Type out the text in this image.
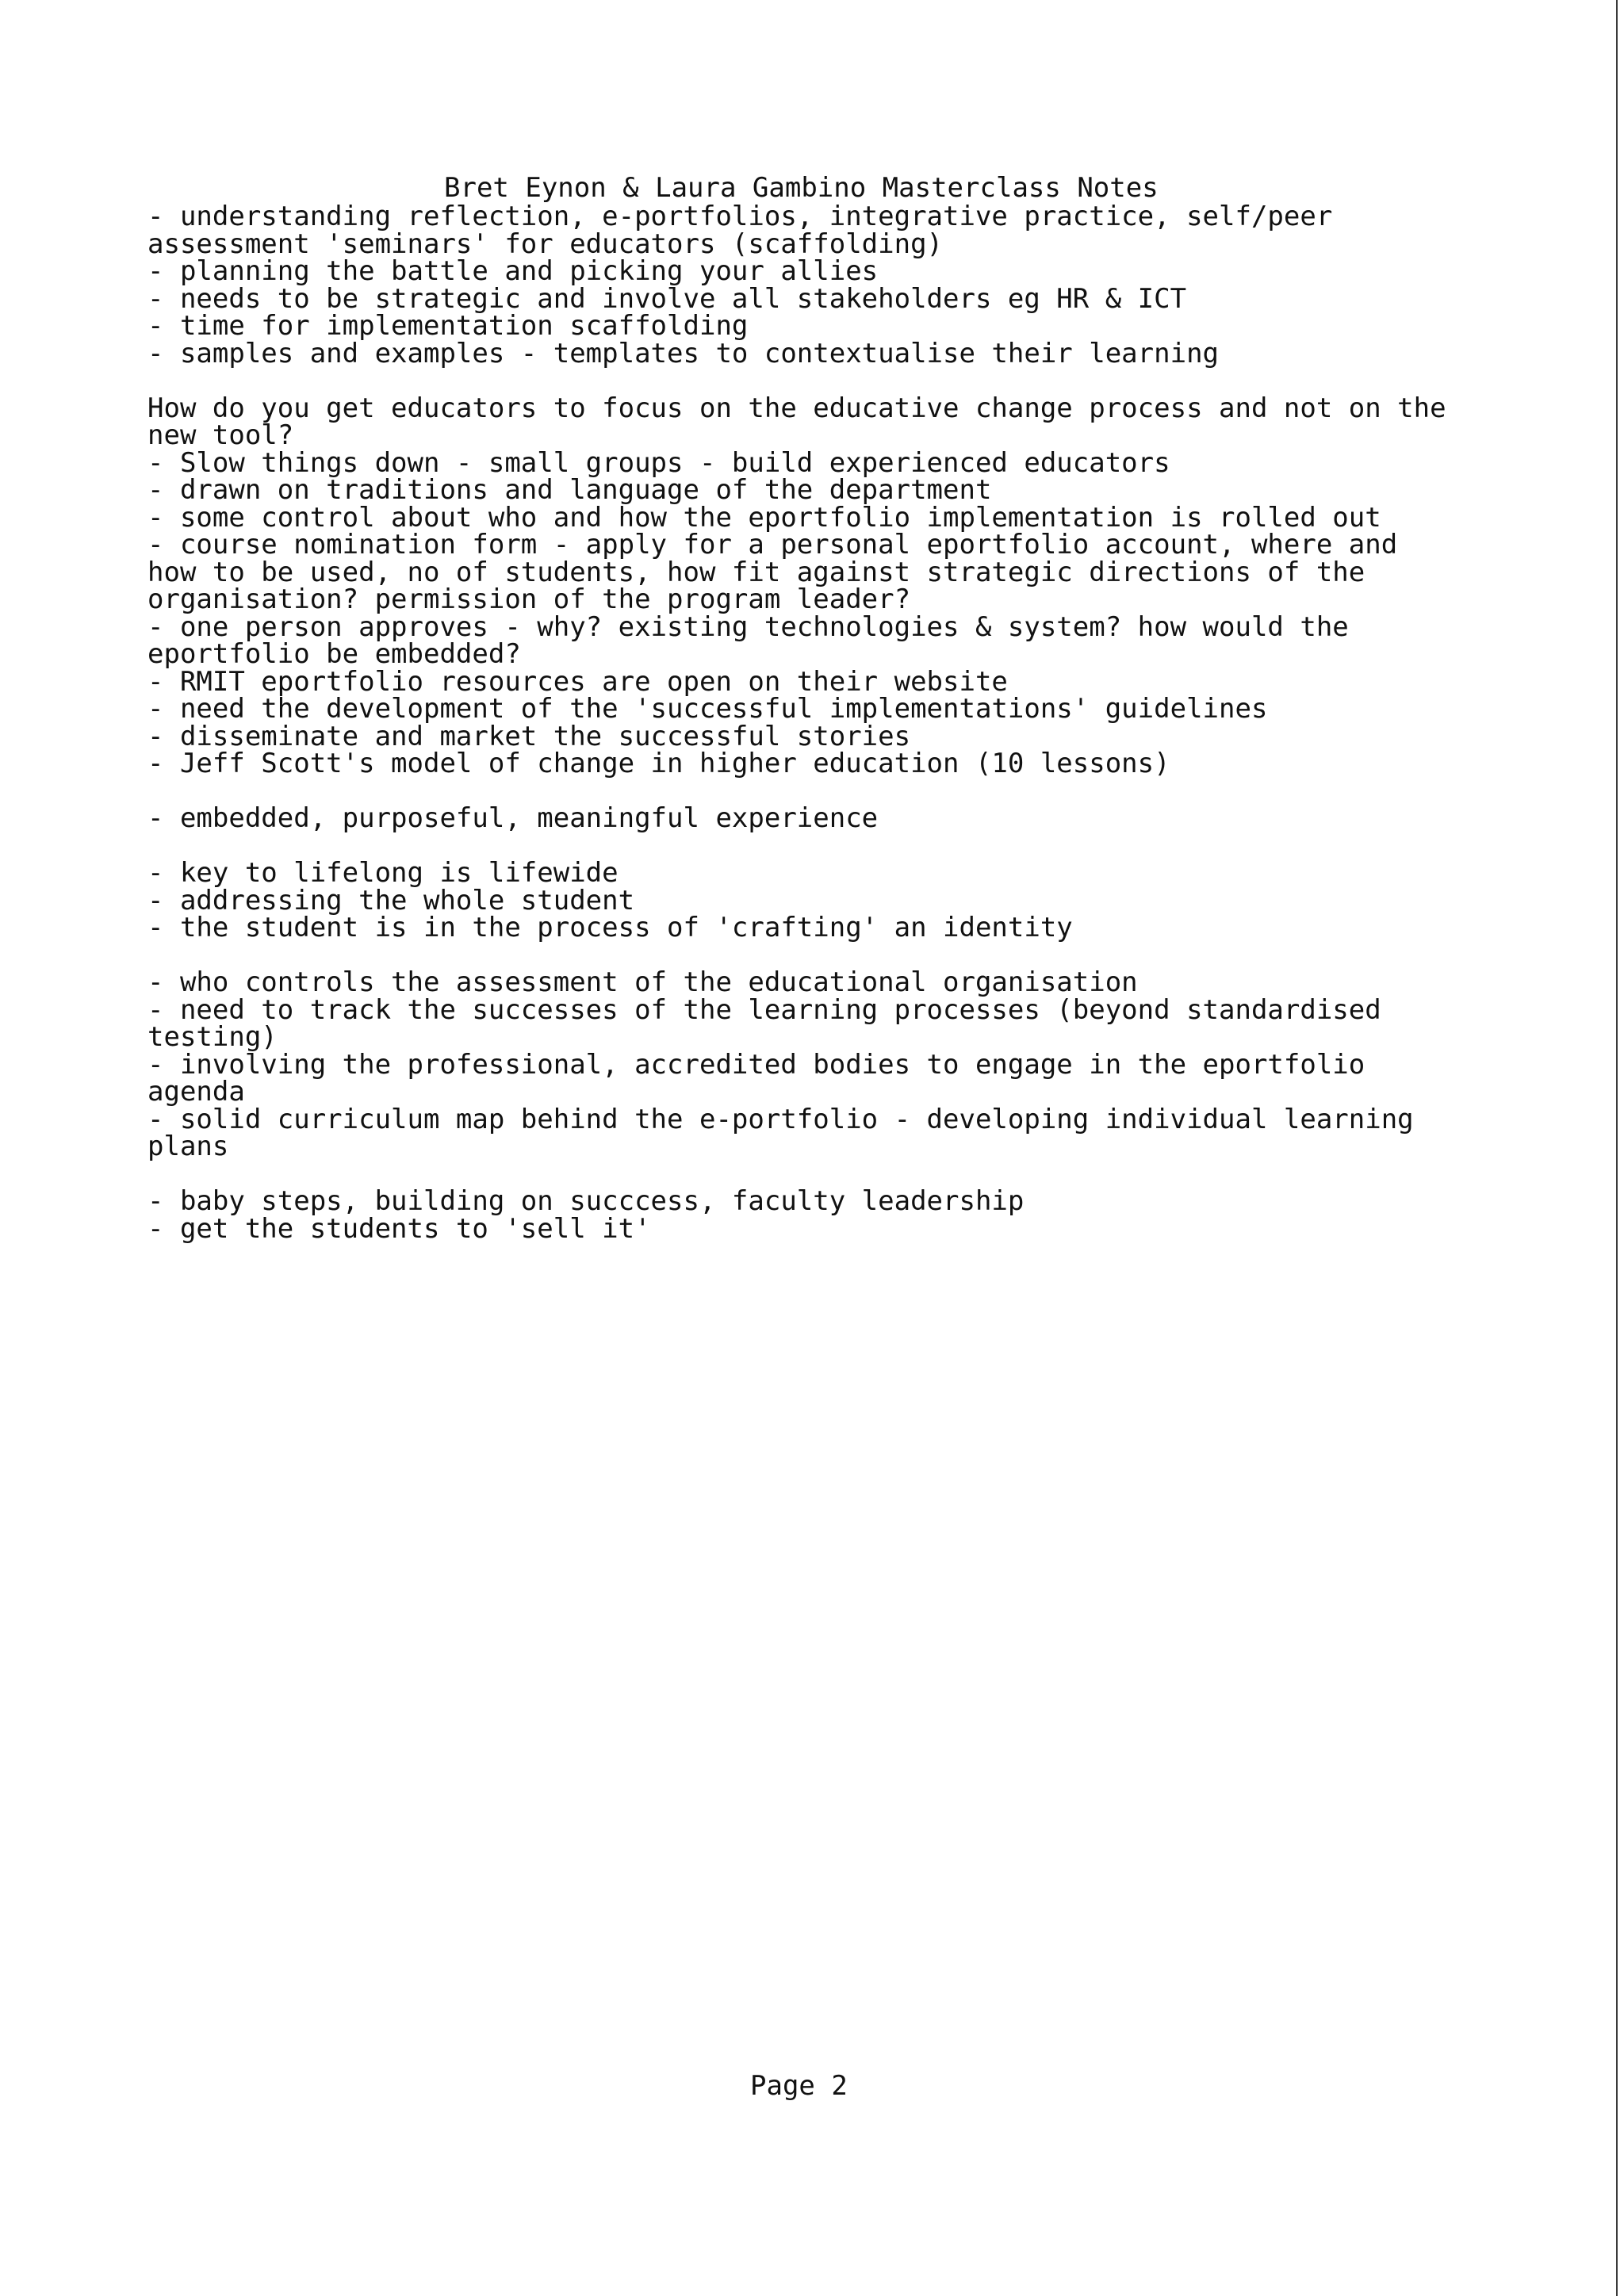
Bret Eynon & Laura Gambino Masterclass Notes
- understanding reflection, e-portfolios, integrative practice, self/peer
assessment 'seminars' for educators (scaffolding)
- planning the battle and picking your allies
- needs to be strategic and involve all stakeholders eg HR & ICT
- time for implementation scaffolding
- samples and examples - templates to contextualise their learning
How do you get educators to focus on the educative change process and not on the
new tool?
- Slow things down - small groups - build experienced educators
- drawn on traditions and language of the department
- some control about who and how the eportfolio implementation is rolled out
- course nomination form - apply for a personal eportfolio account, where and
how to be used, no of students, how fit against strategic directions of the
organisation? permission of the program leader?
- one person approves - why? existing technologies & system? how would the
eportfolio be embedded?
- RMIT eportfolio resources are open on their website
- need the development of the 'successful implementations' guidelines
- disseminate and market the successful stories
- Jeff Scott's model of change in higher education (10 lessons)
- embedded, purposeful, meaningful experience
- key to lifelong is lifewide
- addressing the whole student
- the student is in the process of 'crafting' an identity
- who controls the assessment of the educational organisation
- need to track the successes of the learning processes (beyond standardised
testing)
- involving the professional, accredited bodies to engage in the eportfolio
agenda
- solid curriculum map behind the e-portfolio - developing individual learning
plans
- baby steps, building on succcess, faculty leadership
- get the students to 'sell it'
Page 2
